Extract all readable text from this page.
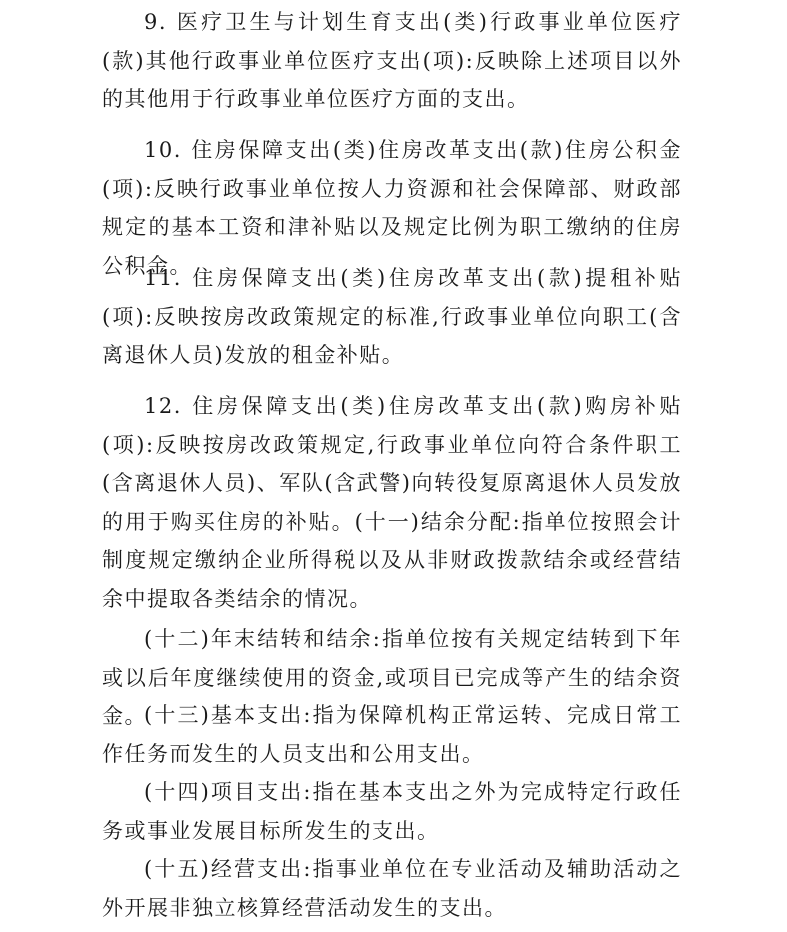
9. 医疗卫生与计划生育支出(类)行政事业单位医疗(款)其他行政事业单位医疗支出(项):反映除上述项目以外的其他用于行政事业单位医疗方面的支出。

10. 住房保障支出(类)住房改革支出(款)住房公积金(项):反映行政事业单位按人力资源和社会保障部、财政部规定的基本工资和津补贴以及规定比例为职工缴纳的住房公积金。

11. 住房保障支出(类)住房改革支出(款)提租补贴(项):反映按房改政策规定的标准,行政事业单位向职工(含离退休人员)发放的租金补贴。

12. 住房保障支出(类)住房改革支出(款)购房补贴(项):反映按房改政策规定,行政事业单位向符合条件职工(含离退休人员)、军队(含武警)向转役复原离退休人员发放的用于购买住房的补贴。(十一)结余分配:指单位按照会计制度规定缴纳企业所得税以及从非财政拨款结余或经营结余中提取各类结余的情况。

(十二)年末结转和结余:指单位按有关规定结转到下年或以后年度继续使用的资金,或项目已完成等产生的结余资金。

(十三)基本支出:指为保障机构正常运转、完成日常工作任务而发生的人员支出和公用支出。

(十四)项目支出:指在基本支出之外为完成特定行政任务或事业发展目标所发生的支出。

(十五)经营支出:指事业单位在专业活动及辅助活动之外开展非独立核算经营活动发生的支出。
